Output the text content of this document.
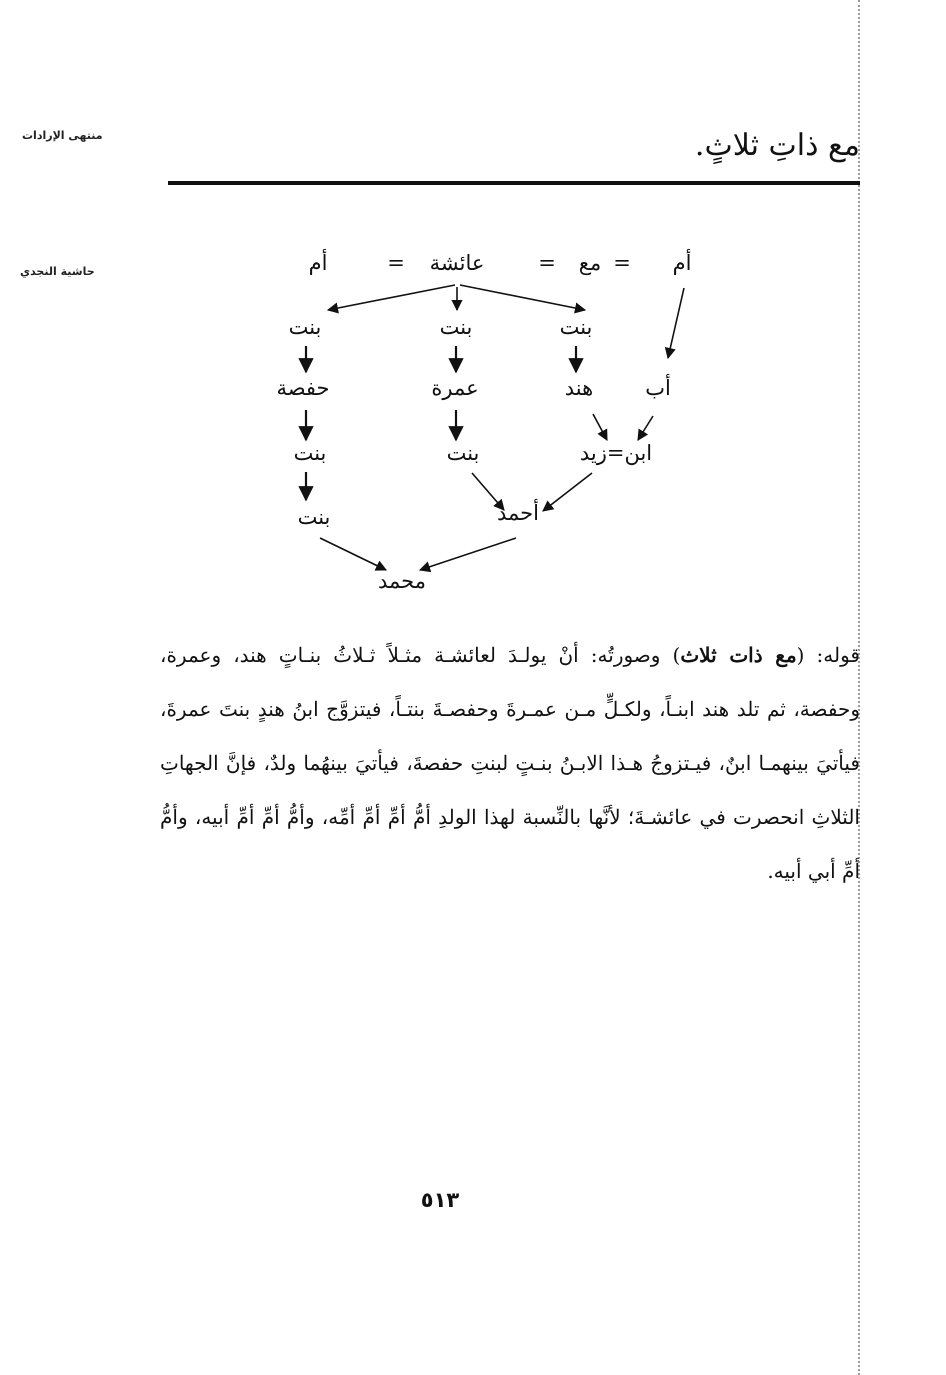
منتهى الإرادات
حاشية النجدي
مع ذاتِ ثلاثٍ.
أم	= عائشة	= مع = أم
بنت	بنت	بنت
حفصة	عمرة	هند أب
بنت	بنت	ابن=زيد
بنت	أحمد
محمد
قوله: (مع ذات ثلاث) وصورتُه: أنْ يولـدَ لعائشـة مثـلاً ثـلاثُ بنـاتٍ هند، وعمرة، وحفصة، ثم تلد هند ابنـاً، ولكـلٍّ مـن عمـرةَ وحفصـةَ بنتـاً، فيتزوَّج ابنُ هندٍ بنتَ عمرةَ، فيأتيَ بينهمـا ابنٌ، فيـتزوجُ هـذا الابـنُ بنـتٍ لبنتِ حفصةَ، فيأتيَ بينهُما ولدٌ، فإنَّ الجهاتِ الثلاثِ انحصرت في عائشـةَ؛ لأنَّها بالنِّسبة لهذا الولدِ أمُّ أمِّ أمِّ أمِّه، وأمُّ أمِّ أمِّ أبيه، وأمُّ أمِّ أبي أبيه.
٥١٣
